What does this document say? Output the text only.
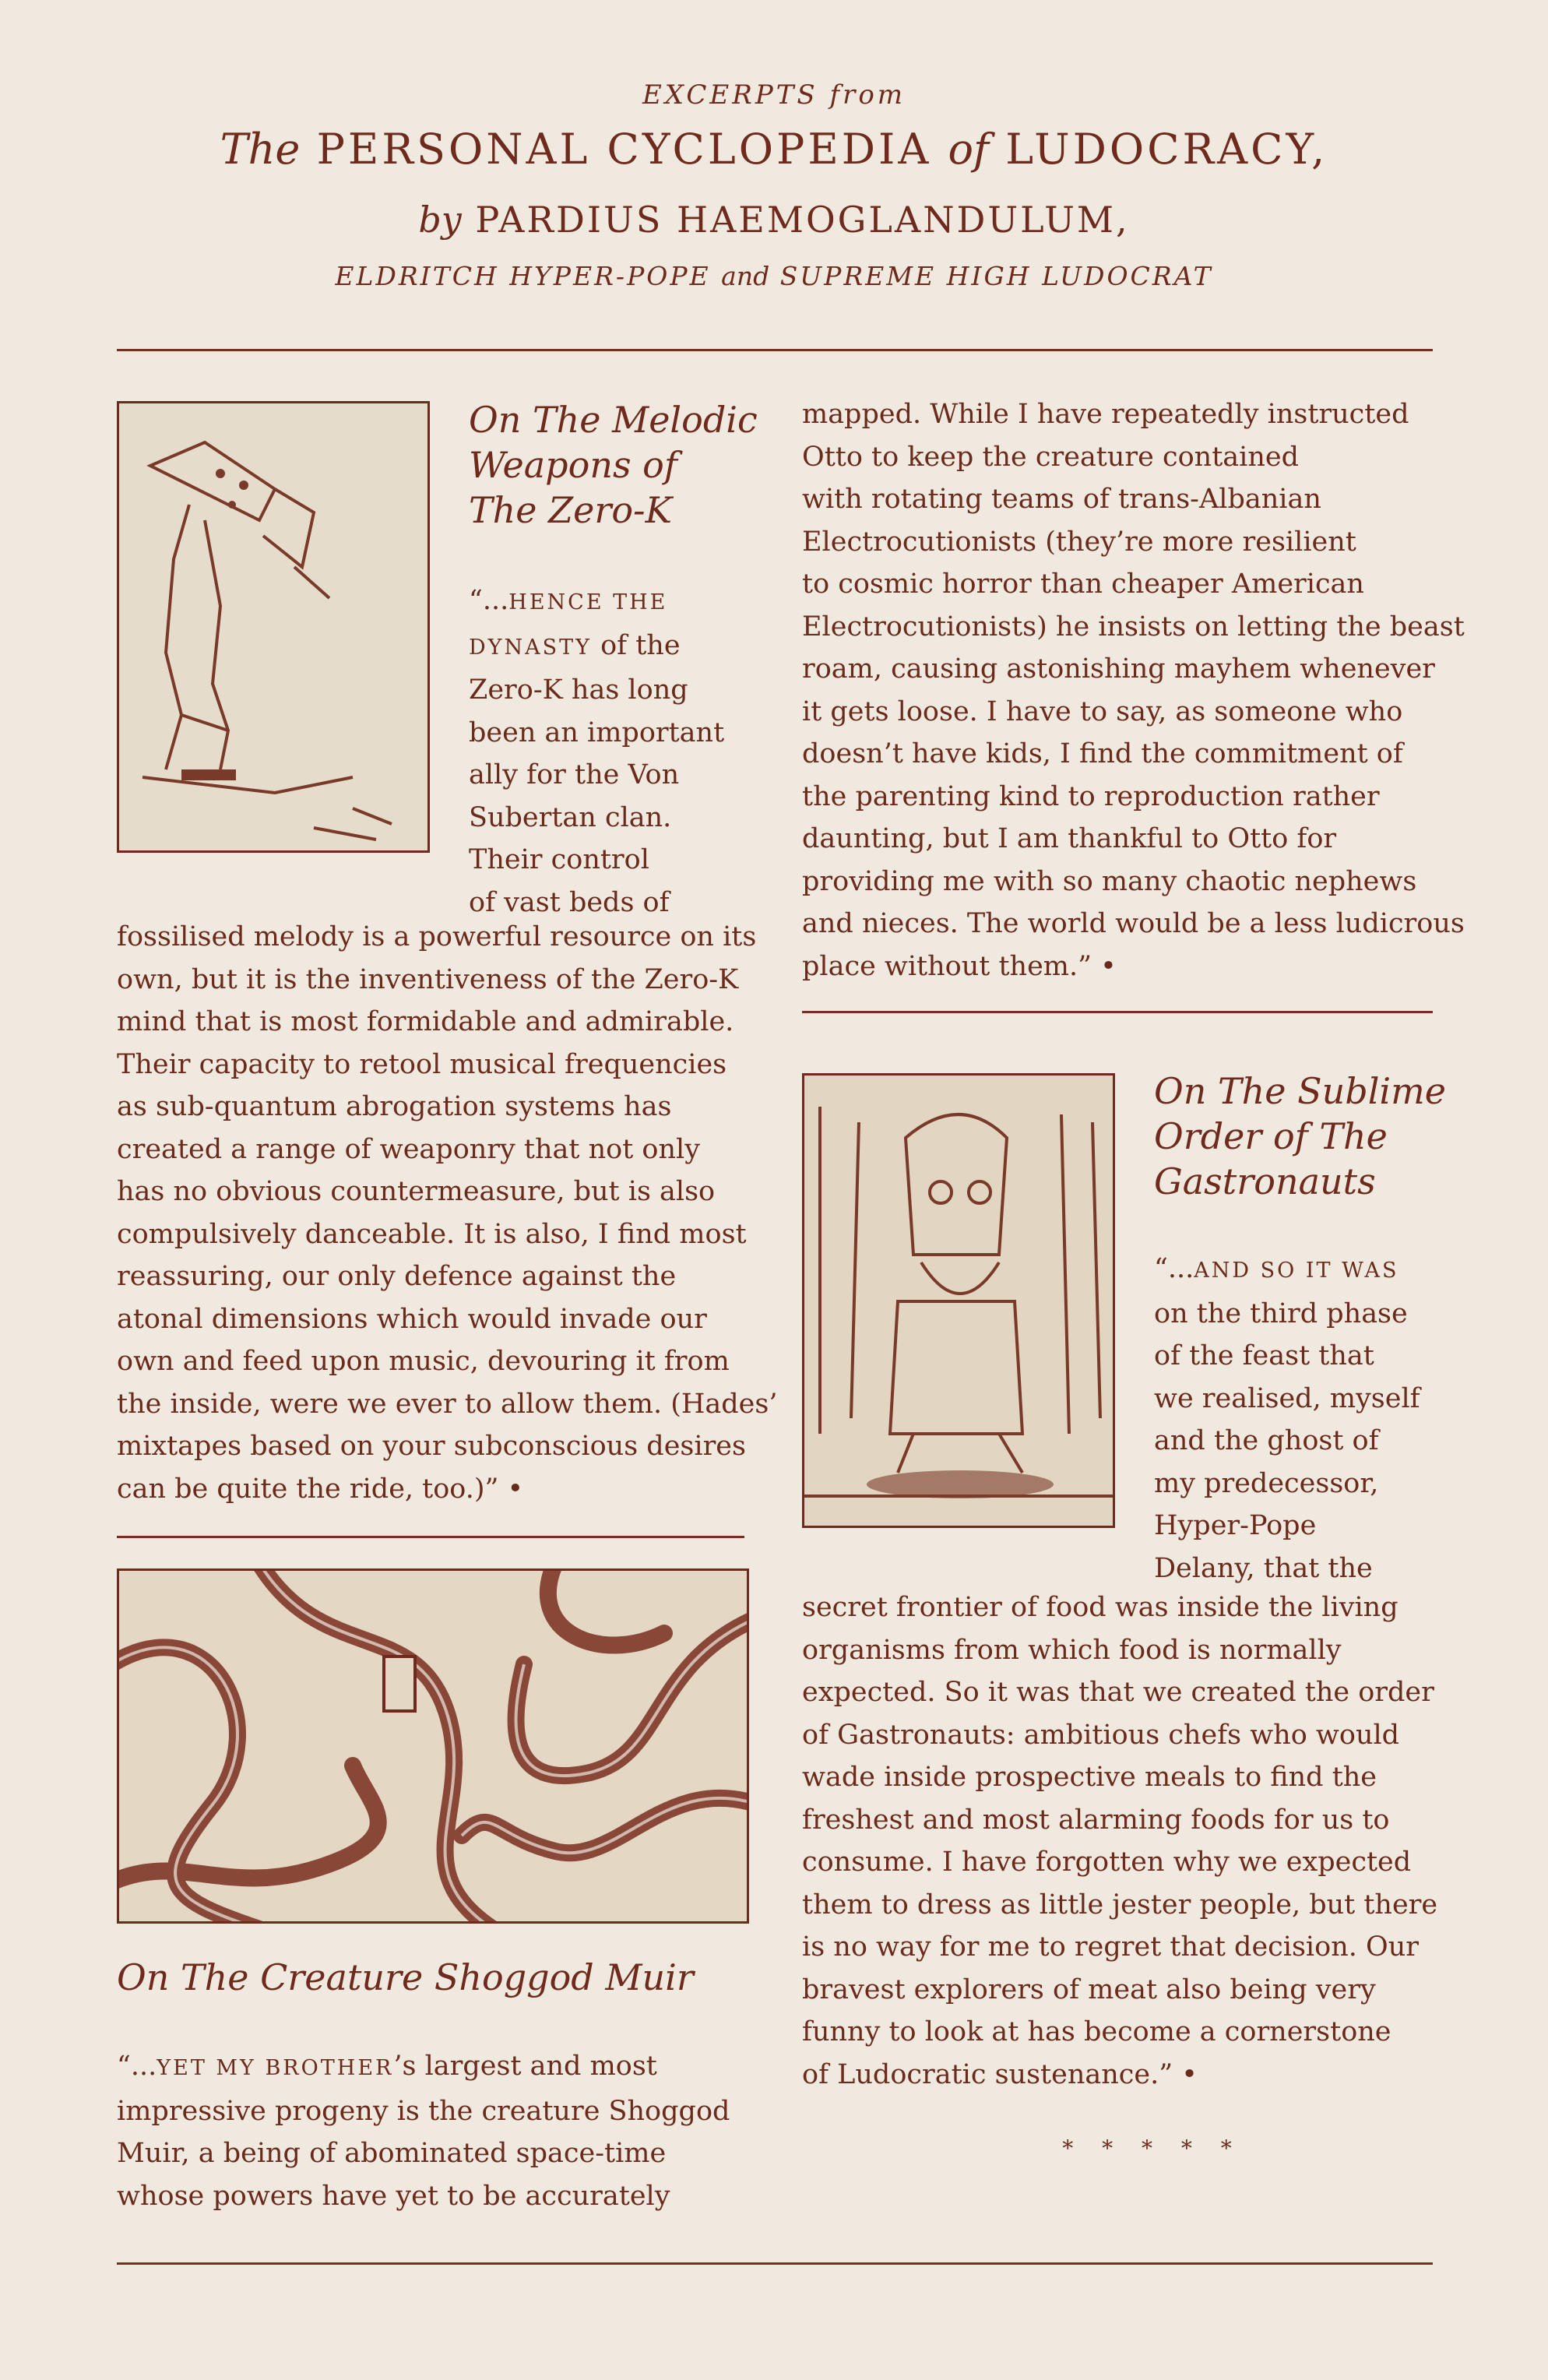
EXCERPTS from
The PERSONAL CYCLOPEDIA of LUDOCRACY,
by PARDIUS HAEMOGLANDULUM,
ELDRITCH HYPER-POPE and SUPREME HIGH LUDOCRAT
On The Melodic
Weapons of
The Zero-K
“...HENCE THE
DYNASTY of the
Zero-K has long
been an important
ally for the Von
Subertan clan.
Their control
of vast beds of
fossilised melody is a powerful resource on its
own, but it is the inventiveness of the Zero-K
mind that is most formidable and admirable.
Their capacity to retool musical frequencies
as sub-quantum abrogation systems has
created a range of weaponry that not only
has no obvious countermeasure, but is also
compulsively danceable. It is also, I find most
reassuring, our only defence against the
atonal dimensions which would invade our
own and feed upon music, devouring it from
the inside, were we ever to allow them. (Hades’
mixtapes based on your subconscious desires
can be quite the ride, too.)” •
On The Creature Shoggod Muir
“...YET MY BROTHER’s largest and most
impressive progeny is the creature Shoggod
Muir, a being of abominated space-time
whose powers have yet to be accurately
mapped. While I have repeatedly instructed
Otto to keep the creature contained
with rotating teams of trans-Albanian
Electrocutionists (they’re more resilient
to cosmic horror than cheaper American
Electrocutionists) he insists on letting the beast
roam, causing astonishing mayhem whenever
it gets loose. I have to say, as someone who
doesn’t have kids, I find the commitment of
the parenting kind to reproduction rather
daunting, but I am thankful to Otto for
providing me with so many chaotic nephews
and nieces. The world would be a less ludicrous
place without them.” •
On The Sublime
Order of The
Gastronauts
“...AND SO IT WAS
on the third phase
of the feast that
we realised, myself
and the ghost of
my predecessor,
Hyper-Pope
Delany, that the
secret frontier of food was inside the living
organisms from which food is normally
expected. So it was that we created the order
of Gastronauts: ambitious chefs who would
wade inside prospective meals to find the
freshest and most alarming foods for us to
consume. I have forgotten why we expected
them to dress as little jester people, but there
is no way for me to regret that decision. Our
bravest explorers of meat also being very
funny to look at has become a cornerstone
of Ludocratic sustenance.” •
* * * * *
